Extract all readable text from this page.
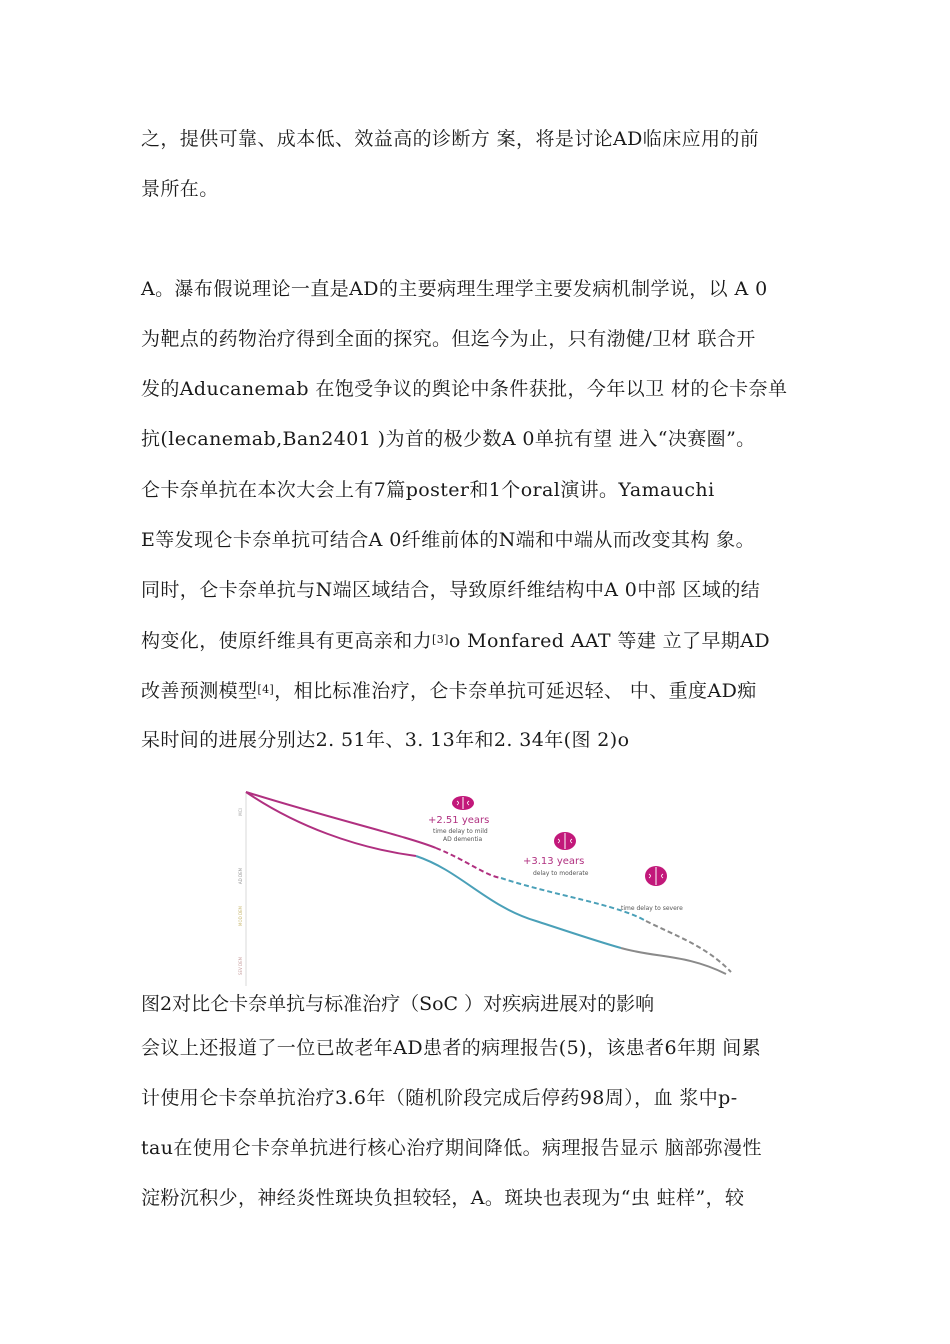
之，提供可靠、成本低、效益高的诊断方 案，将是讨论AD临床应用的前
景所在。
A。瀑布假说理论一直是AD的主要病理生理学主要发病机制学说，以 A 0
为靶点的药物治疗得到全面的探究。但迄今为止，只有渤健/卫材 联合开
发的Aducanemab 在饱受争议的舆论中条件获批，今年以卫 材的仑卡奈单
抗(lecanemab,Ban2401 )为首的极少数A 0单抗有望 进入“决赛圈”。
仑卡奈单抗在本次大会上有7篇poster和1个oral演讲。Yamauchi
E等发现仑卡奈单抗可结合A 0纤维前体的N端和中端从而改变其构 象。
同时，仑卡奈单抗与N端区域结合，导致原纤维结构中A 0中部 区域的结
构变化，使原纤维具有更高亲和力[3]o Monfared AAT 等建 立了早期AD
改善预测模型[4]，相比标准治疗，仑卡奈单抗可延迟轻、 中、重度AD痴
呆时间的进展分别达2. 51年、3. 13年和2. 34年(图 2)o
MCI
AD DEM
MOD DEM
SEV DEM
+2.51 years
time delay to mild
AD dementia
+3.13 years
delay to moderate
time delay to severe
图2对比仑卡奈单抗与标准治疗（SoC ）对疾病进展对的影响
会议上还报道了一位已故老年AD患者的病理报告(5)，该患者6年期 间累
计使用仑卡奈单抗治疗3.6年（随机阶段完成后停药98周），血 浆中p-
tau在使用仑卡奈单抗进行核心治疗期间降低。病理报告显示 脑部弥漫性
淀粉沉积少，神经炎性斑块负担较轻，A。斑块也表现为“虫 蛀样”，较
